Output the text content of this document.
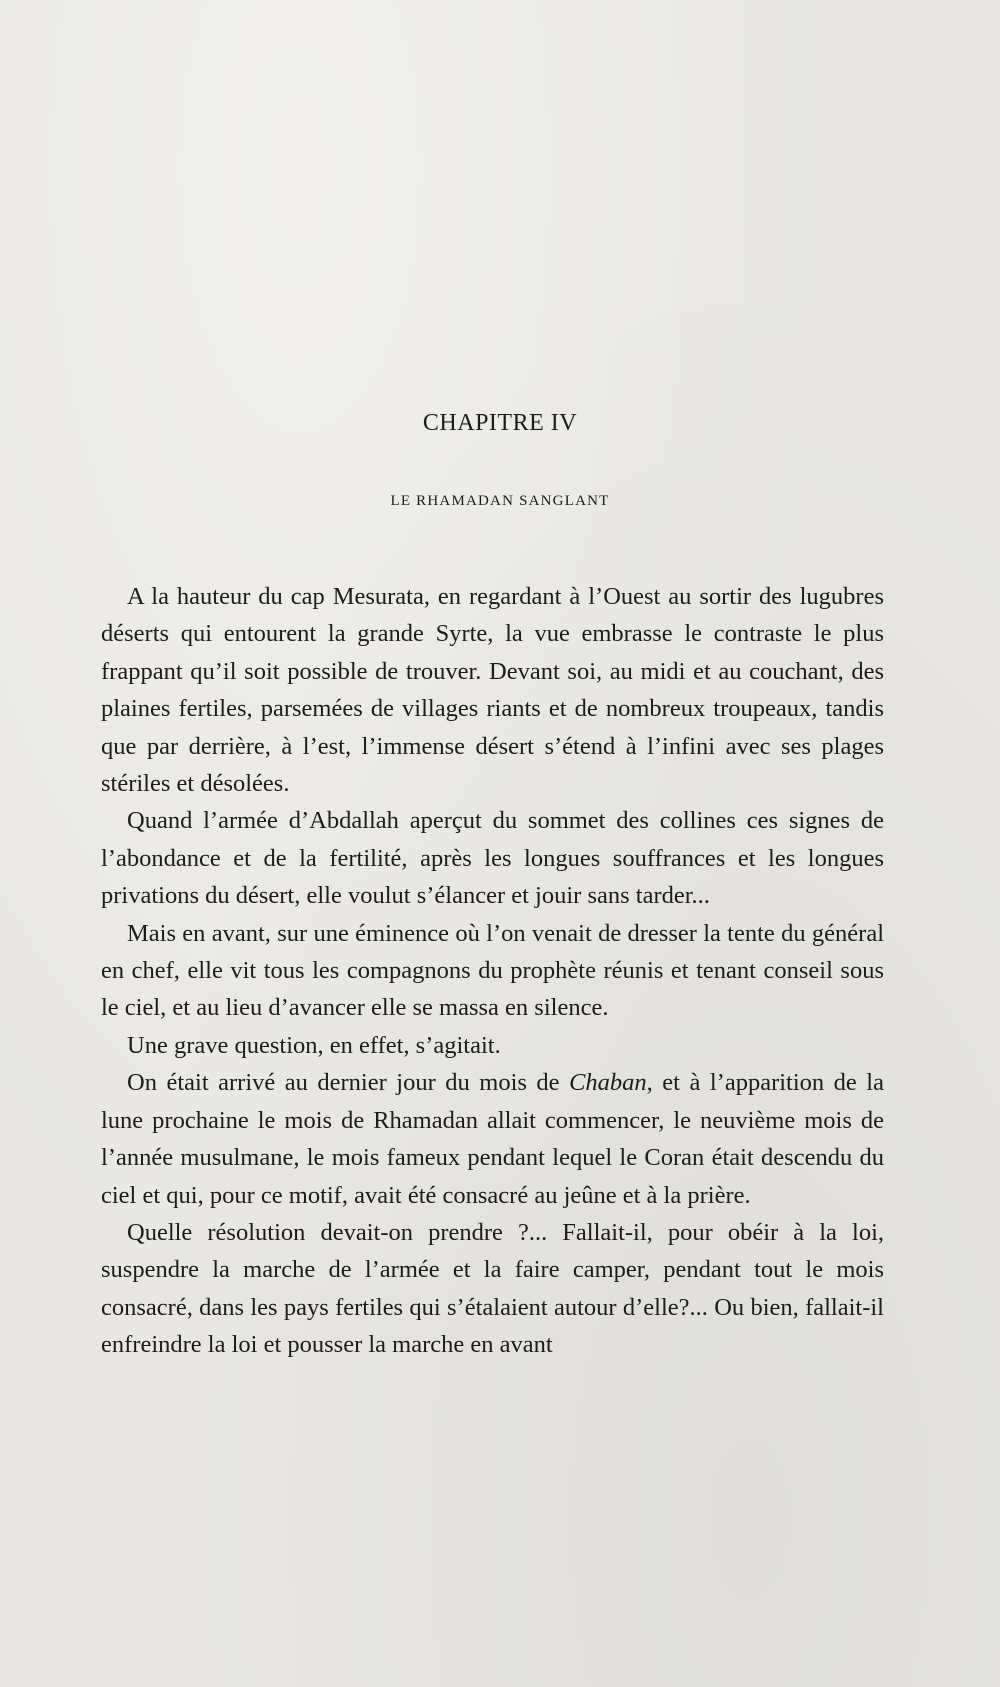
CHAPITRE IV
LE RHAMADAN SANGLANT

A la hauteur du cap Mesurata, en regardant à l’Ouest au sortir des lugubres déserts qui entourent la grande Syrte, la vue embrasse le contraste le plus frappant qu’il soit possible de trouver. Devant soi, au midi et au couchant, des plaines fertiles, parsemées de villages riants et de nombreux troupeaux, tandis que par derrière, à l’est, l’immense désert s’étend à l’infini avec ses plages stériles et désolées.

Quand l’armée d’Abdallah aperçut du sommet des collines ces signes de l’abondance et de la fertilité, après les longues souffrances et les longues privations du désert, elle voulut s’élancer et jouir sans tarder...

Mais en avant, sur une éminence où l’on venait de dresser la tente du général en chef, elle vit tous les compagnons du prophète réunis et tenant conseil sous le ciel, et au lieu d’avancer elle se massa en silence.

Une grave question, en effet, s’agitait.

On était arrivé au dernier jour du mois de Chaban, et à l’apparition de la lune prochaine le mois de Rhamadan allait commencer, le neuvième mois de l’année musulmane, le mois fameux pendant lequel le Coran était descendu du ciel et qui, pour ce motif, avait été consacré au jeûne et à la prière.

Quelle résolution devait-on prendre ?... Fallait-il, pour obéir à la loi, suspendre la marche de l’armée et la faire camper, pendant tout le mois consacré, dans les pays fertiles qui s’étalaient autour d’elle?... Ou bien, fallait-il enfreindre la loi et pousser la marche en avant
